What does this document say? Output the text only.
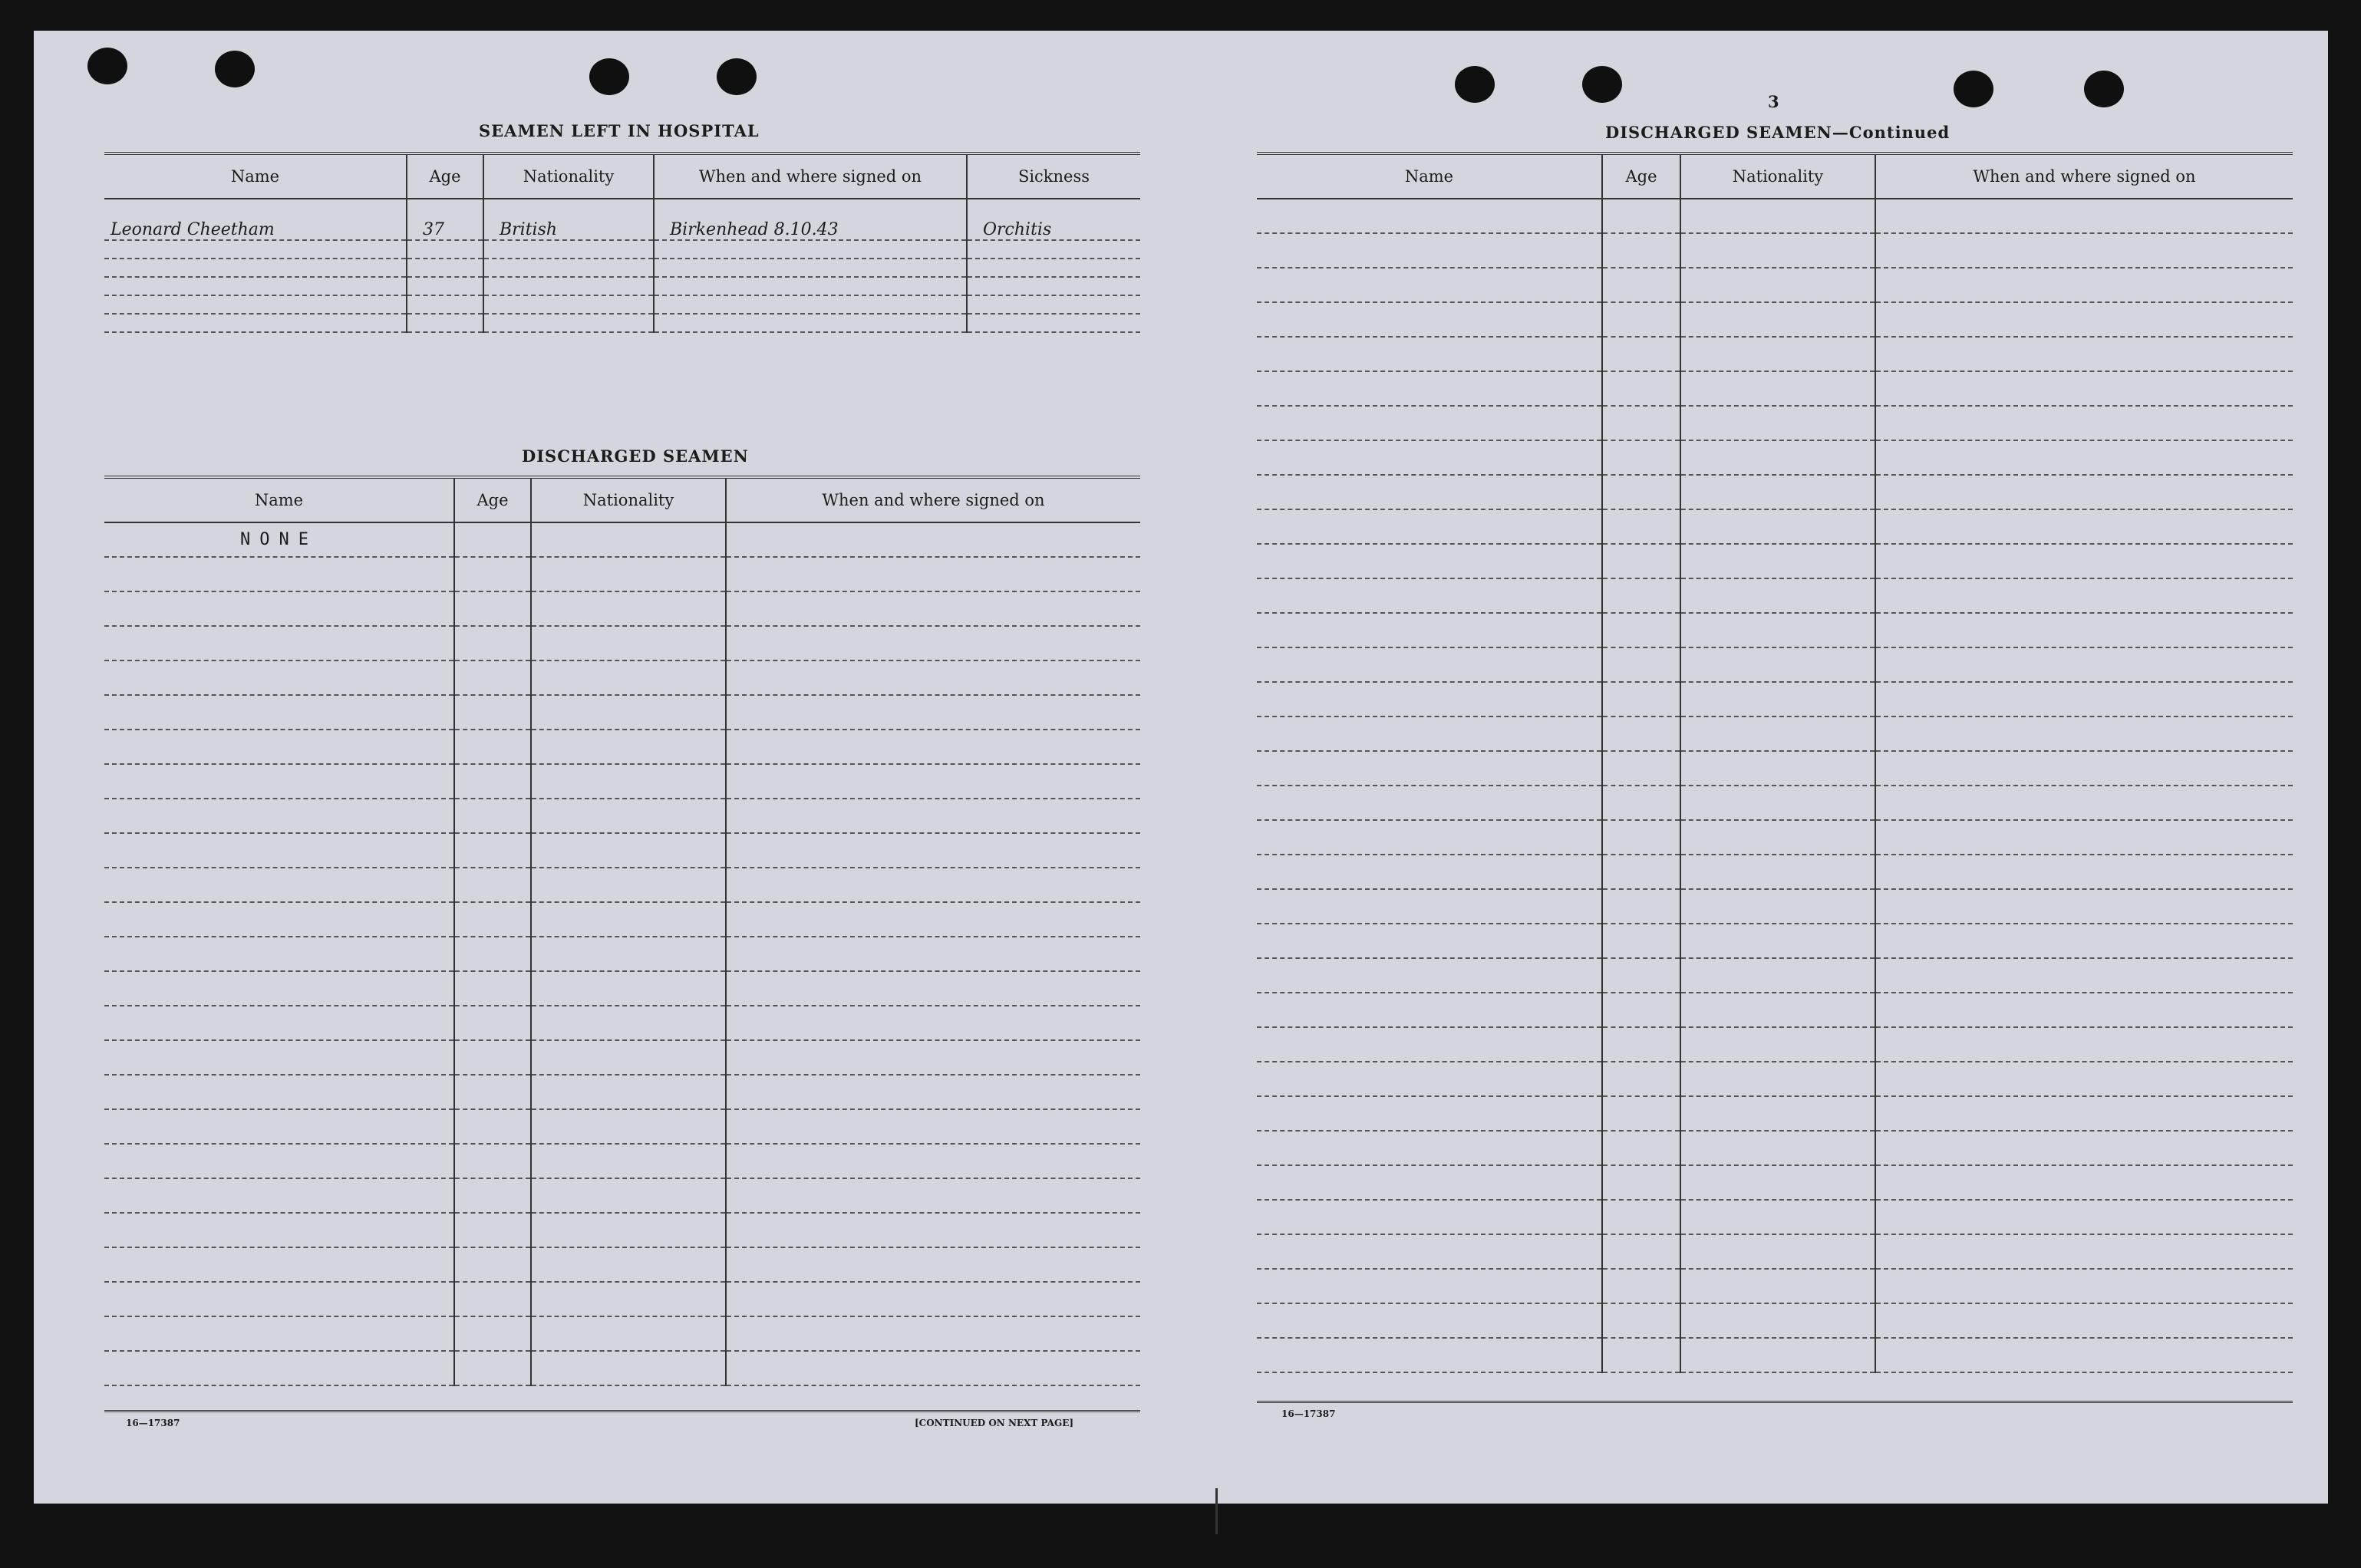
SEAMEN LEFT IN HOSPITAL
Name	Age	Nationality	When and where signed on	Sickness
Leonard Cheetham	37	British	Birkenhead 8.10.43	Orchitis

DISCHARGED SEAMEN
Name	Age	Nationality	When and where signed on
NONE			

16—17387	[CONTINUED ON NEXT PAGE]
3
DISCHARGED SEAMEN—Continued
Name	Age	Nationality	When and where signed on

16—17387
